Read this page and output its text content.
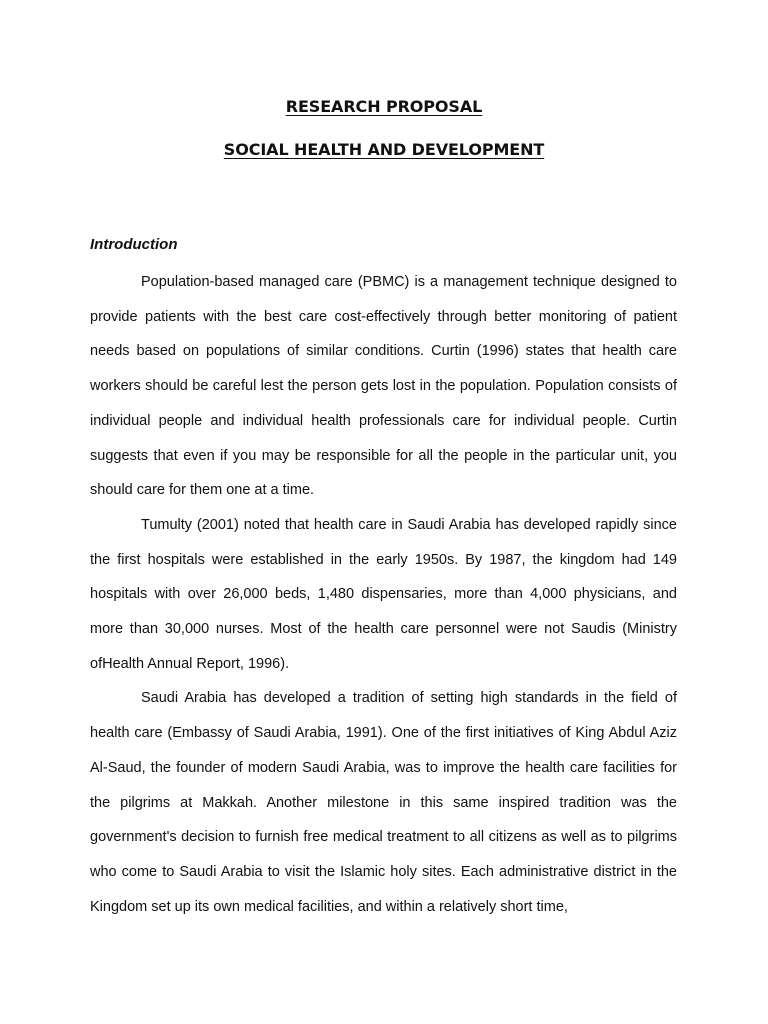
RESEARCH PROPOSAL
SOCIAL HEALTH AND DEVELOPMENT
Introduction

Population-based managed care (PBMC) is a management technique designed to provide patients with the best care cost-effectively through better monitoring of patient needs based on populations of similar conditions. Curtin (1996) states that health care workers should be careful lest the person gets lost in the population. Population consists of individual people and individual health professionals care for individual people. Curtin suggests that even if you may be responsible for all the people in the particular unit, you should care for them one at a time.

Tumulty (2001) noted that health care in Saudi Arabia has developed rapidly since the first hospitals were established in the early 1950s. By 1987, the kingdom had 149 hospitals with over 26,000 beds, 1,480 dispensaries, more than 4,000 physicians, and more than 30,000 nurses. Most of the health care personnel were not Saudis (Ministry ofHealth Annual Report, 1996).

Saudi Arabia has developed a tradition of setting high standards in the field of health care (Embassy of Saudi Arabia, 1991). One of the first initiatives of King Abdul Aziz Al-Saud, the founder of modern Saudi Arabia, was to improve the health care facilities for the pilgrims at Makkah. Another milestone in this same inspired tradition was the government's decision to furnish free medical treatment to all citizens as well as to pilgrims who come to Saudi Arabia to visit the Islamic holy sites. Each administrative district in the Kingdom set up its own medical facilities, and within a relatively short time,
